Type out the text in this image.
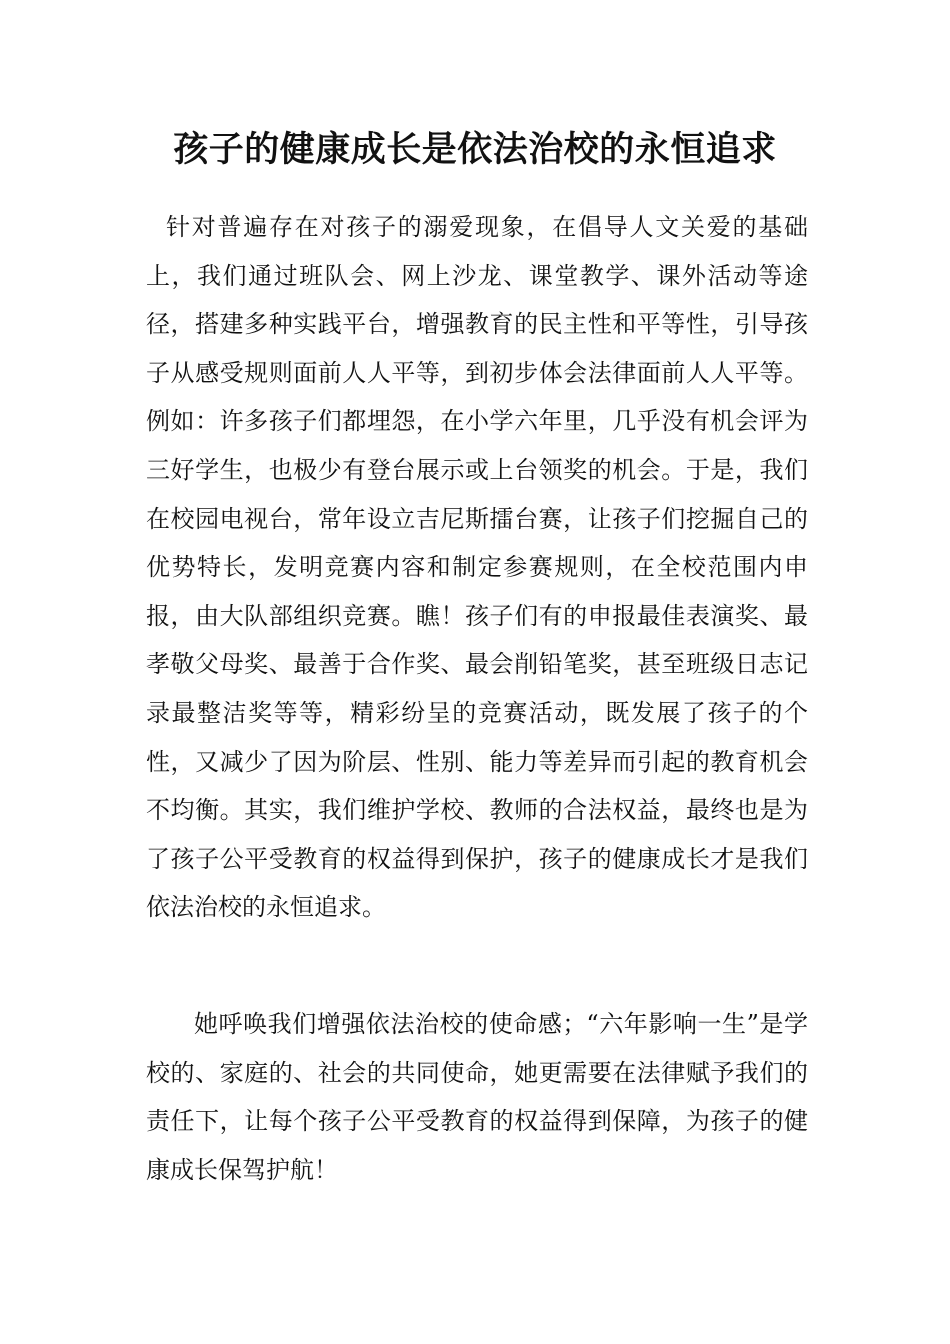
孩子的健康成长是依法治校的永恒追求

针对普遍存在对孩子的溺爱现象，在倡导人文关爱的基础上，我们通过班队会、网上沙龙、课堂教学、课外活动等途径，搭建多种实践平台，增强教育的民主性和平等性，引导孩子从感受规则面前人人平等，到初步体会法律面前人人平等。例如：许多孩子们都埋怨，在小学六年里，几乎没有机会评为三好学生，也极少有登台展示或上台领奖的机会。于是，我们在校园电视台，常年设立吉尼斯擂台赛，让孩子们挖掘自己的优势特长，发明竞赛内容和制定参赛规则，在全校范围内申报，由大队部组织竞赛。瞧！孩子们有的申报最佳表演奖、最孝敬父母奖、最善于合作奖、最会削铅笔奖，甚至班级日志记录最整洁奖等等，精彩纷呈的竞赛活动，既发展了孩子的个性，又减少了因为阶层、性别、能力等差异而引起的教育机会不均衡。其实，我们维护学校、教师的合法权益，最终也是为了孩子公平受教育的权益得到保护，孩子的健康成长才是我们依法治校的永恒追求。

她呼唤我们增强依法治校的使命感；“六年影响一生”是学校的、家庭的、社会的共同使命，她更需要在法律赋予我们的责任下，让每个孩子公平受教育的权益得到保障，为孩子的健康成长保驾护航！
